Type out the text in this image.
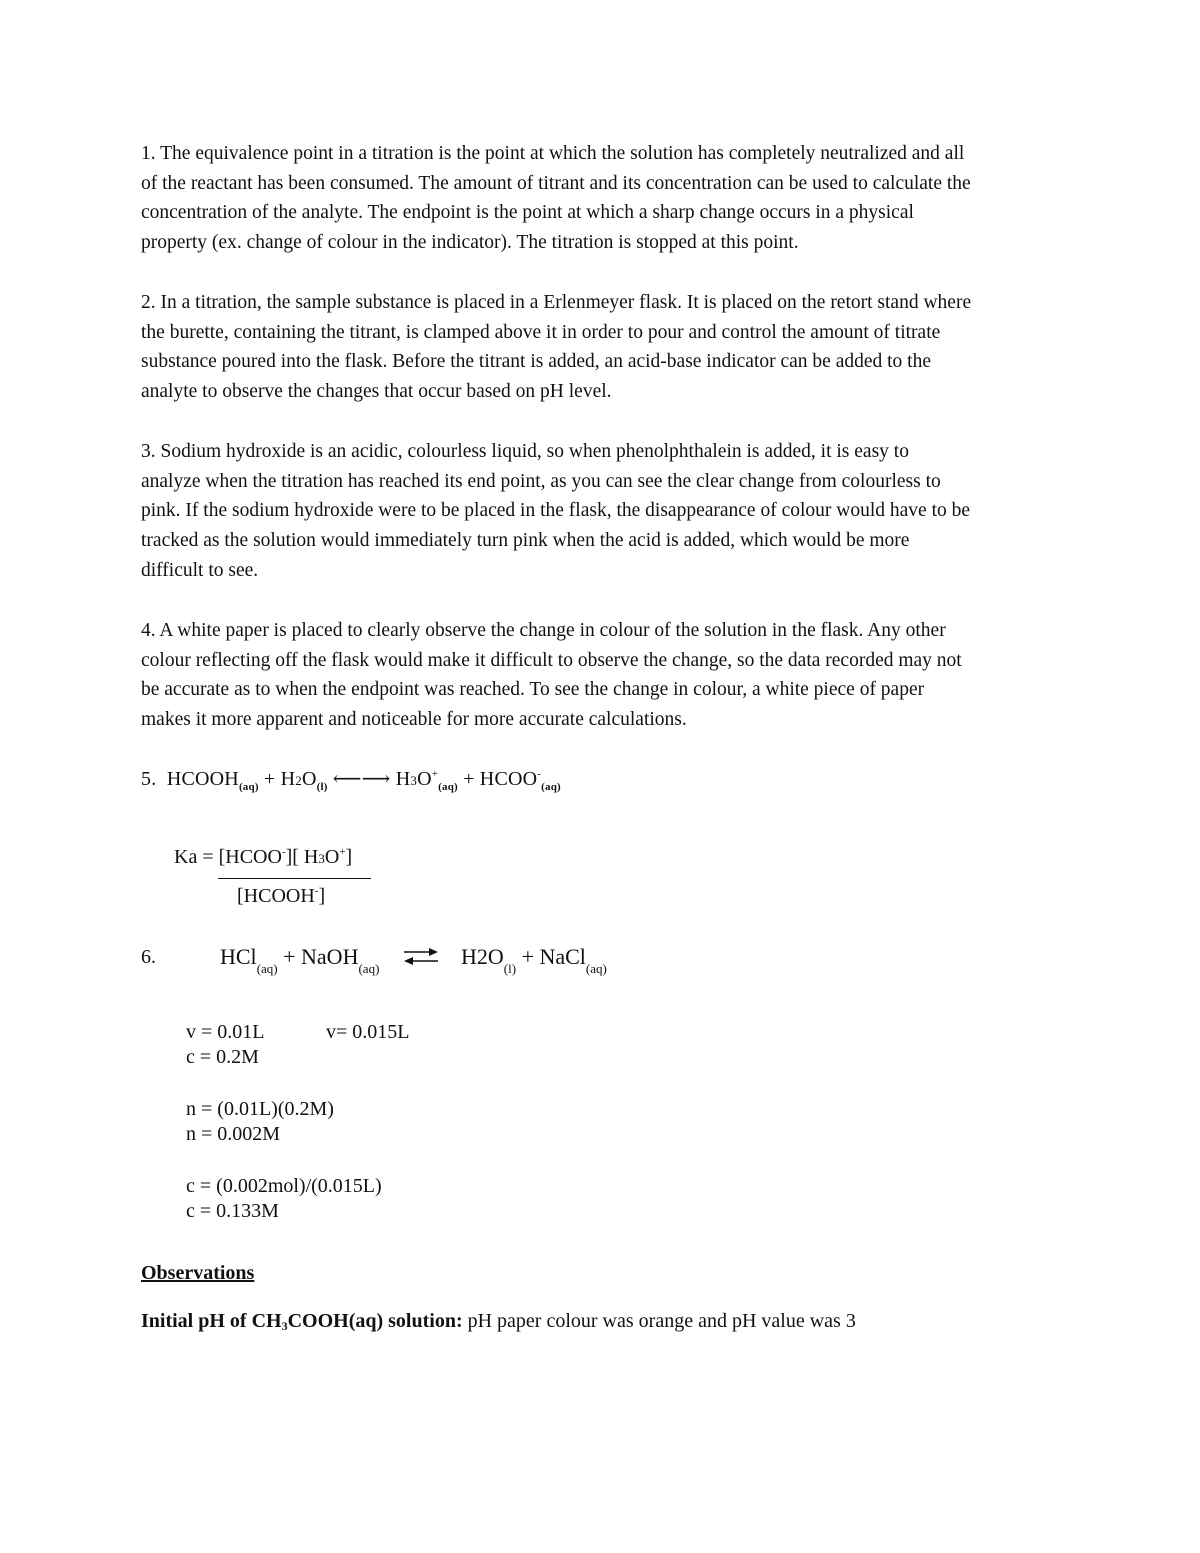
1. The equivalence point in a titration is the point at which the solution has completely neutralized and all
of the reactant has been consumed. The amount of titrant and its concentration can be used to calculate the
concentration of the analyte. The endpoint is the point at which a sharp change occurs in a physical
property (ex. change of colour in the indicator). The titration is stopped at this point.
2. In a titration, the sample substance is placed in a Erlenmeyer flask. It is placed on the retort stand where
the burette, containing the titrant, is clamped above it in order to pour and control the amount of titrate
substance poured into the flask. Before the titrant is added, an acid-base indicator can be added to the
analyte to observe the changes that occur based on pH level.
3. Sodium hydroxide is an acidic, colourless liquid, so when phenolphthalein is added, it is easy to
analyze when the titration has reached its end point, as you can see the clear change from colourless to
pink. If the sodium hydroxide were to be placed in the flask, the disappearance of colour would have to be
tracked as the solution would immediately turn pink when the acid is added, which would be more
difficult to see.
4. A white paper is placed to clearly observe the change in colour of the solution in the flask. Any other
colour reflecting off the flask would make it difficult to observe the change, so the data recorded may not
be accurate as to when the endpoint was reached. To see the change in colour, a white piece of paper
makes it more apparent and noticeable for more accurate calculations.
5. $HCOOH_{(aq)} + H2O_{(l)}$ ⟵⟶ $H3O^+_{(aq)}$ + $HCOO^-_{(aq)}$
Ka = [HCOO-][ H3O+]
[HCOOH-]
6.	HCl$_{(aq)}$ + NaOH$_{(aq)}$ ⇌ $H2O_{(l)}$ + NaCl$_{(aq)}$
v = 0.01L	v= 0.015L
c = 0.2M
n = (0.01L)(0.2M)
n = 0.002M
c = (0.002mol)/(0.015L)
c = 0.133M
Observations
Initial pH of CH3COOH(aq) solution: pH paper colour was orange and pH value was 3
